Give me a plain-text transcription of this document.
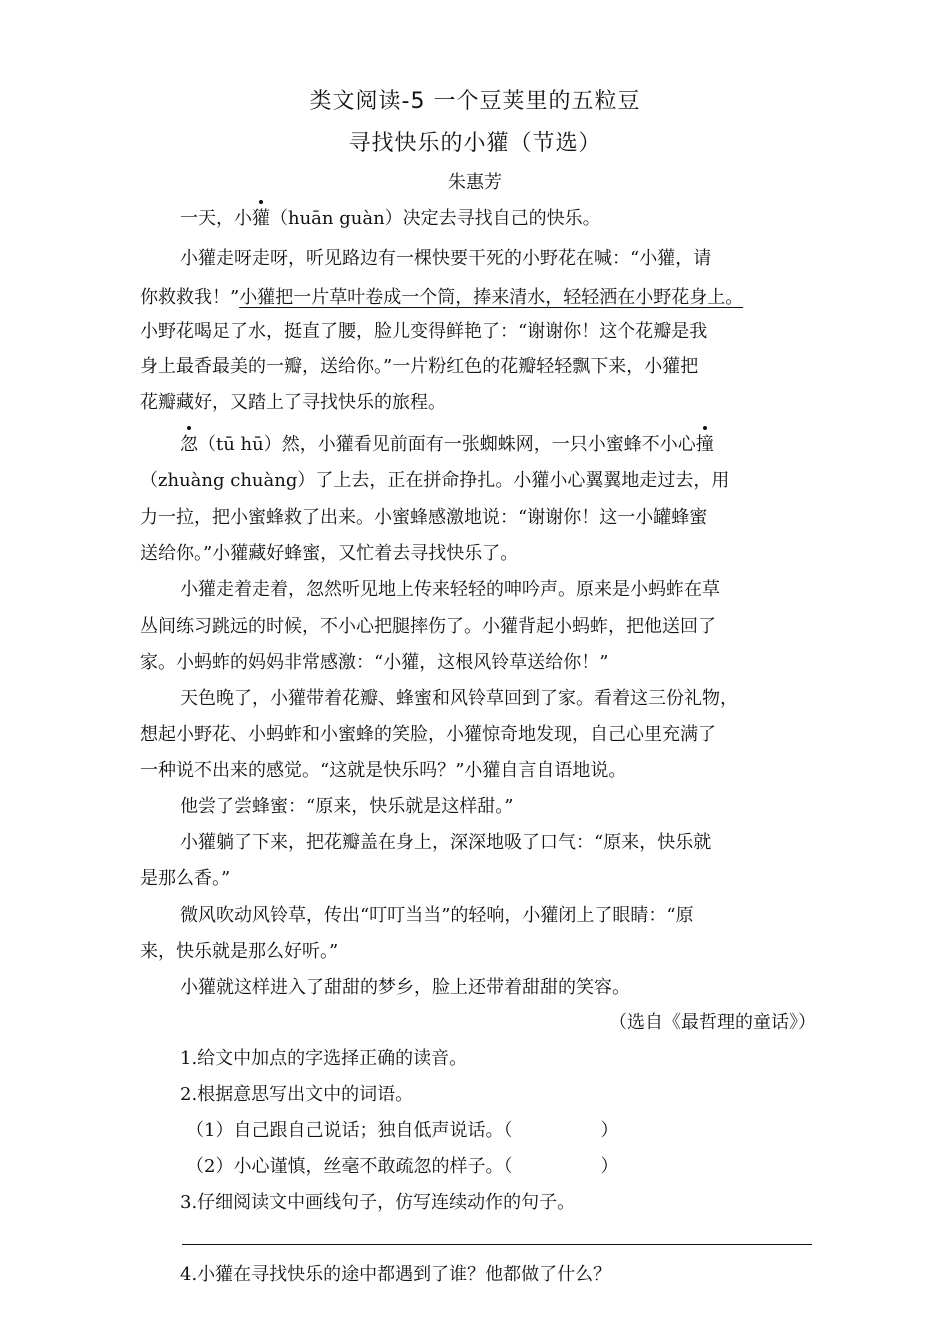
类文阅读-5 一个豆荚里的五粒豆
寻找快乐的小獾（节选）
朱惠芳
一天，小獾（huān guàn）决定去寻找自己的快乐。
小獾走呀走呀，听见路边有一棵快要干死的小野花在喊：“小獾，请
你救救我！”小獾把一片草叶卷成一个筒，捧来清水，轻轻洒在小野花身上。
小野花喝足了水，挺直了腰，脸儿变得鲜艳了：“谢谢你！这个花瓣是我
身上最香最美的一瓣，送给你。”一片粉红色的花瓣轻轻飘下来，小獾把
花瓣藏好，又踏上了寻找快乐的旅程。
忽（tū hū）然，小獾看见前面有一张蜘蛛网，一只小蜜蜂不小心撞
（zhuàng chuàng）了上去，正在拼命挣扎。小獾小心翼翼地走过去，用
力一拉，把小蜜蜂救了出来。小蜜蜂感激地说：“谢谢你！这一小罐蜂蜜
送给你。”小獾藏好蜂蜜，又忙着去寻找快乐了。
小獾走着走着，忽然听见地上传来轻轻的呻吟声。原来是小蚂蚱在草
丛间练习跳远的时候，不小心把腿摔伤了。小獾背起小蚂蚱，把他送回了
家。小蚂蚱的妈妈非常感激：“小獾，这根风铃草送给你！”
天色晚了，小獾带着花瓣、蜂蜜和风铃草回到了家。看着这三份礼物，
想起小野花、小蚂蚱和小蜜蜂的笑脸，小獾惊奇地发现，自己心里充满了
一种说不出来的感觉。“这就是快乐吗？”小獾自言自语地说。
他尝了尝蜂蜜：“原来，快乐就是这样甜。”
小獾躺了下来，把花瓣盖在身上，深深地吸了口气：“原来，快乐就
是那么香。”
微风吹动风铃草，传出“叮叮当当”的轻响，小獾闭上了眼睛：“原
来，快乐就是那么好听。”
小獾就这样进入了甜甜的梦乡，脸上还带着甜甜的笑容。
（选自《最哲理的童话》）
1.给文中加点的字选择正确的读音。
2.根据意思写出文中的词语。
（1）自己跟自己说话；独自低声说话。（	）
（2）小心谨慎，丝毫不敢疏忽的样子。（	）
3.仔细阅读文中画线句子，仿写连续动作的句子。
4.小獾在寻找快乐的途中都遇到了谁？他都做了什么？
